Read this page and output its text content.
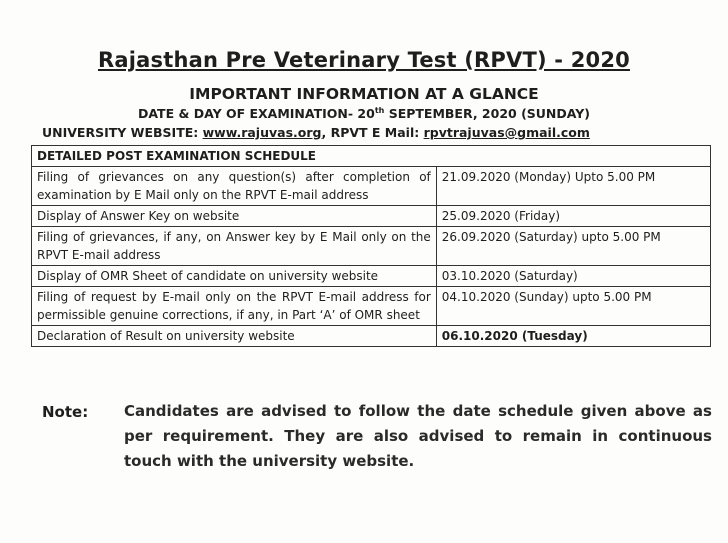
Rajasthan Pre Veterinary Test (RPVT) - 2020
IMPORTANT INFORMATION AT A GLANCE
DATE & DAY OF EXAMINATION- 20th SEPTEMBER, 2020 (SUNDAY)
UNIVERSITY WEBSITE: www.rajuvas.org, RPVT E Mail: rpvtrajuvas@gmail.com
DETAILED POST EXAMINATION SCHEDULE	
Filing of grievances on any question(s) after completion of examination by E Mail only on the RPVT E-mail address	21.09.2020 (Monday) Upto 5.00 PM
Display of Answer Key on website	25.09.2020 (Friday)
Filing of grievances, if any, on Answer key by E Mail only on the RPVT E-mail address	26.09.2020 (Saturday) upto 5.00 PM
Display of OMR Sheet of candidate on university website	03.10.2020 (Saturday)
Filing of request by E-mail only on the RPVT E-mail address for permissible genuine corrections, if any, in Part ‘A’ of OMR sheet	04.10.2020 (Sunday) upto 5.00 PM
Declaration of Result on university website	06.10.2020 (Tuesday)
Note: Candidates are advised to follow the date schedule given above as per requirement. They are also advised to remain in continuous touch with the university website.
